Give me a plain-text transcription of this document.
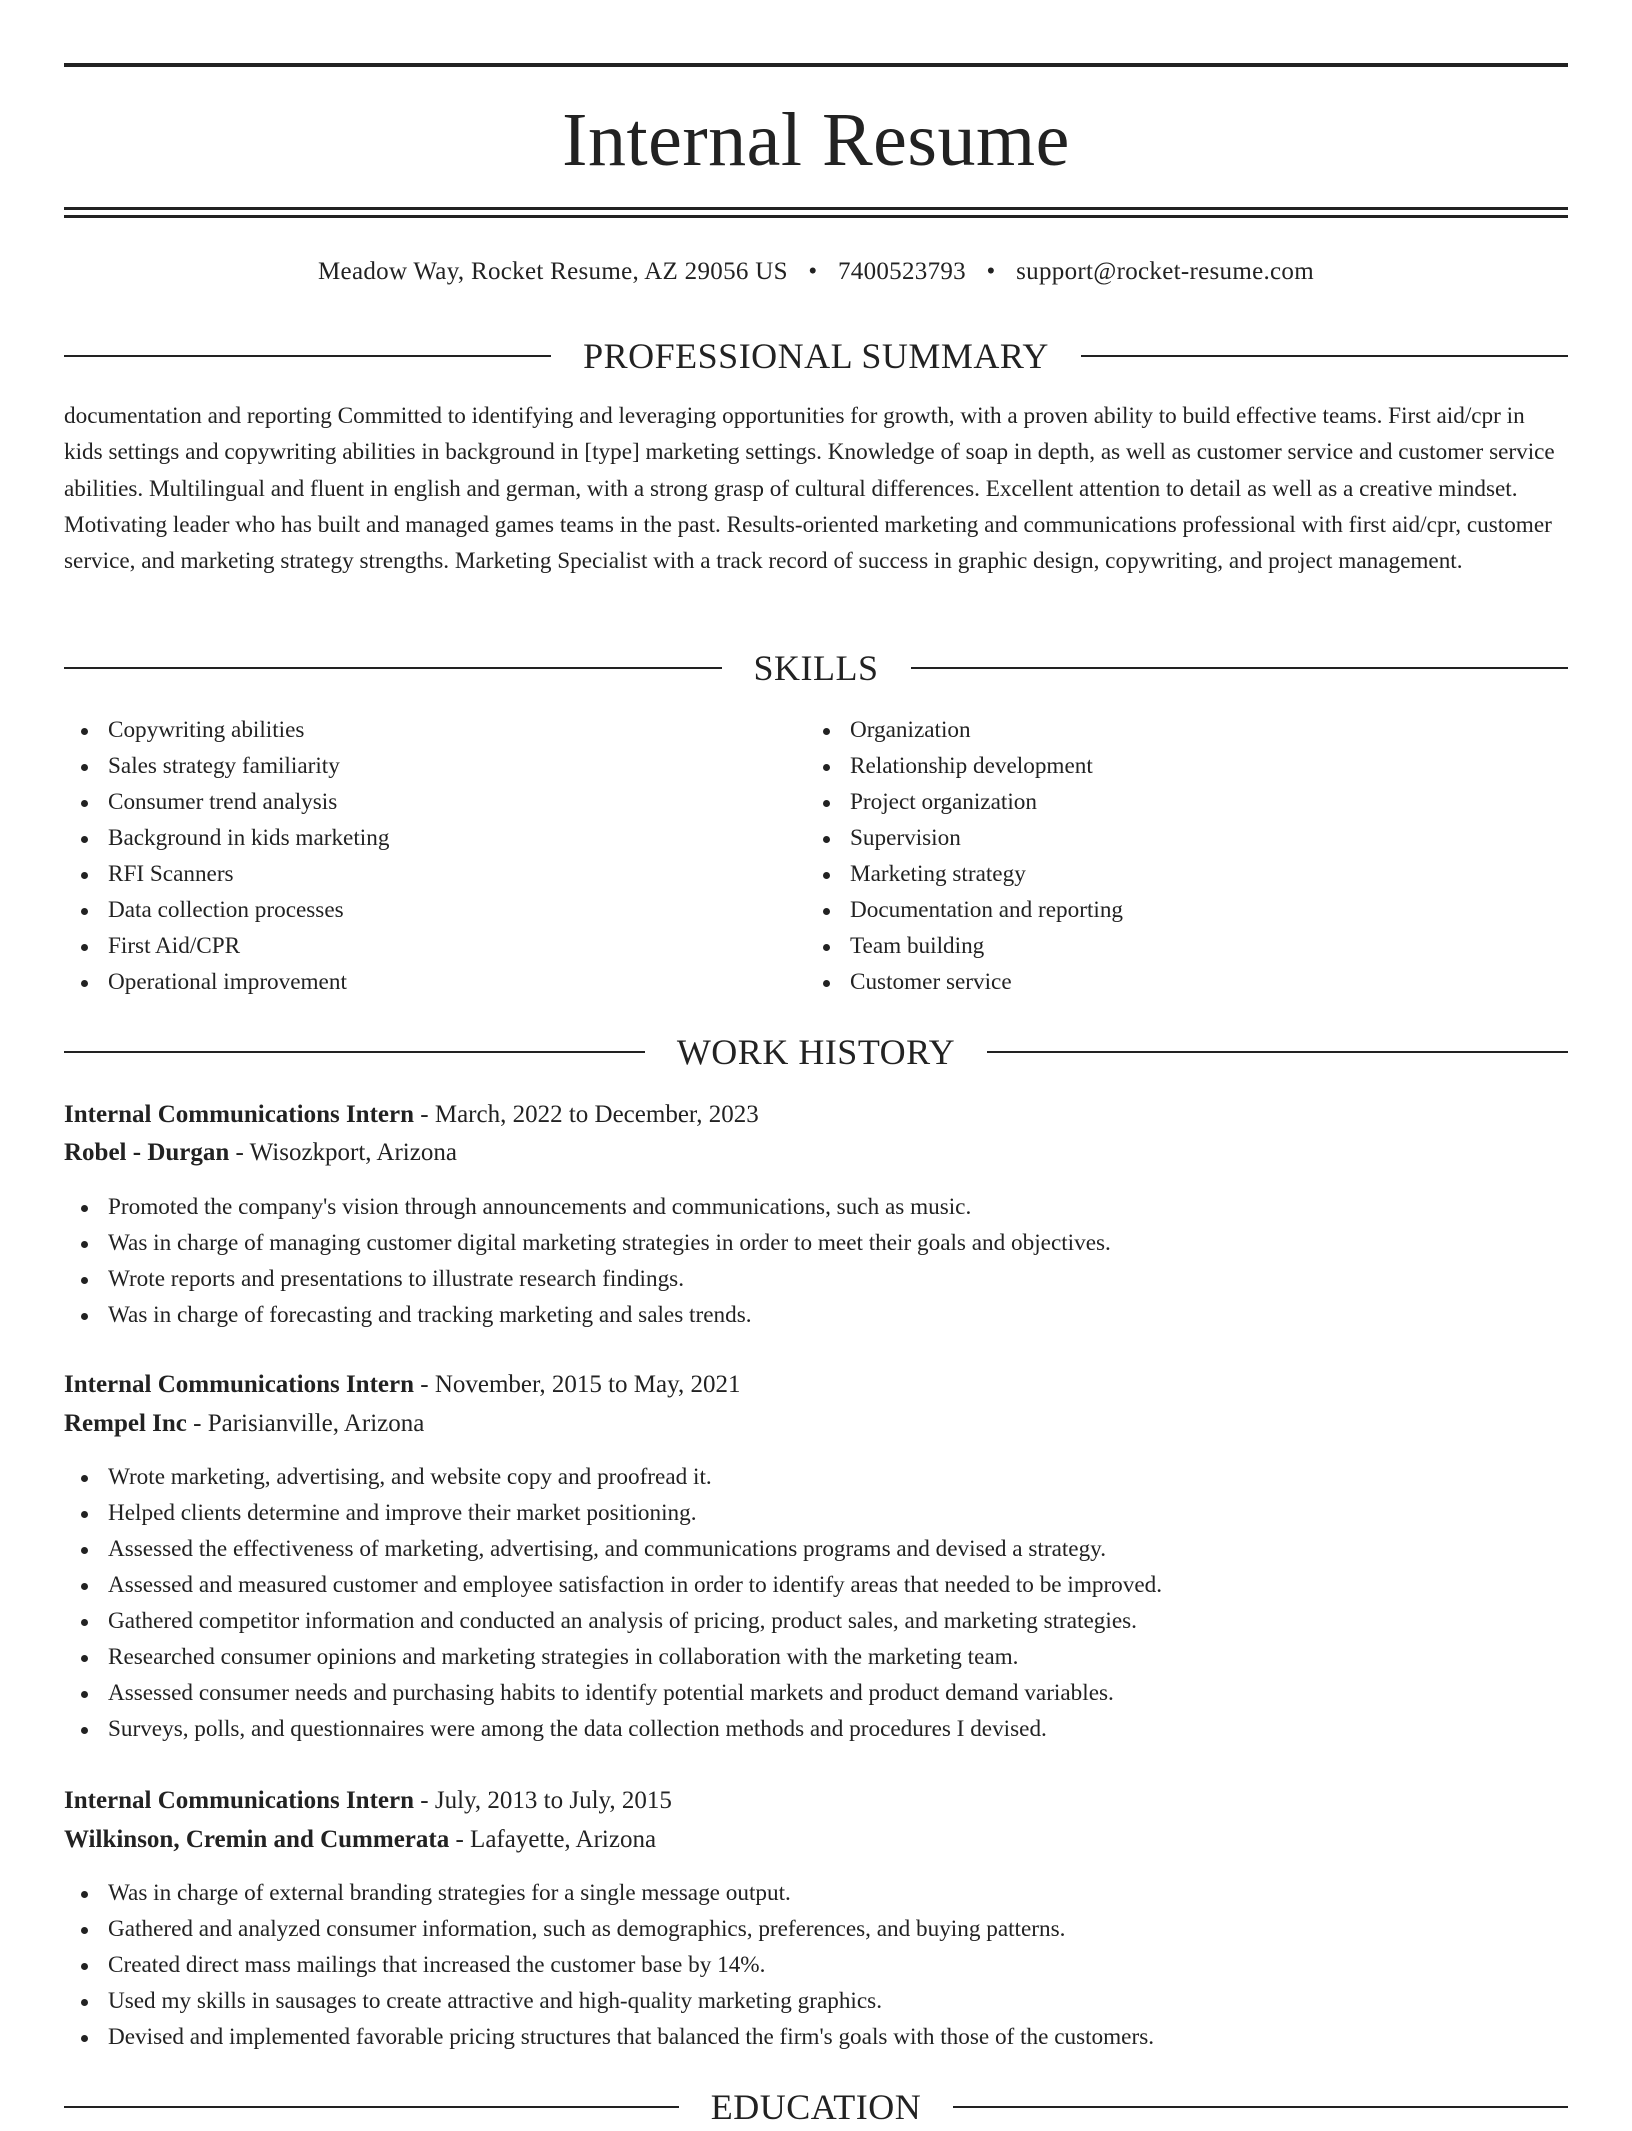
Internal Resume
Meadow Way, Rocket Resume, AZ 29056 US • 7400523793 • support@rocket-resume.com
PROFESSIONAL SUMMARY

documentation and reporting Committed to identifying and leveraging opportunities for growth, with a proven ability to build effective teams. First aid/cpr in kids settings and copywriting abilities in background in [type] marketing settings. Knowledge of soap in depth, as well as customer service and customer service abilities. Multilingual and fluent in english and german, with a strong grasp of cultural differences. Excellent attention to detail as well as a creative mindset. Motivating leader who has built and managed games teams in the past. Results-oriented marketing and communications professional with first aid/cpr, customer service, and marketing strategy strengths. Marketing Specialist with a track record of success in graphic design, copywriting, and project management.

SKILLS
Copywriting abilities
Sales strategy familiarity
Consumer trend analysis
Background in kids marketing
RFI Scanners
Data collection processes
First Aid/CPR
Operational improvement
Organization
Relationship development
Project organization
Supervision
Marketing strategy
Documentation and reporting
Team building
Customer service
WORK HISTORY
Internal Communications Intern - March, 2022 to December, 2023
Robel - Durgan - Wisozkport, Arizona
Promoted the company's vision through announcements and communications, such as music.
Was in charge of managing customer digital marketing strategies in order to meet their goals and objectives.
Wrote reports and presentations to illustrate research findings.
Was in charge of forecasting and tracking marketing and sales trends.
Internal Communications Intern - November, 2015 to May, 2021
Rempel Inc - Parisianville, Arizona
Wrote marketing, advertising, and website copy and proofread it.
Helped clients determine and improve their market positioning.
Assessed the effectiveness of marketing, advertising, and communications programs and devised a strategy.
Assessed and measured customer and employee satisfaction in order to identify areas that needed to be improved.
Gathered competitor information and conducted an analysis of pricing, product sales, and marketing strategies.
Researched consumer opinions and marketing strategies in collaboration with the marketing team.
Assessed consumer needs and purchasing habits to identify potential markets and product demand variables.
Surveys, polls, and questionnaires were among the data collection methods and procedures I devised.
Internal Communications Intern - July, 2013 to July, 2015
Wilkinson, Cremin and Cummerata - Lafayette, Arizona
Was in charge of external branding strategies for a single message output.
Gathered and analyzed consumer information, such as demographics, preferences, and buying patterns.
Created direct mass mailings that increased the customer base by 14%.
Used my skills in sausages to create attractive and high-quality marketing graphics.
Devised and implemented favorable pricing structures that balanced the firm's goals with those of the customers.
EDUCATION
